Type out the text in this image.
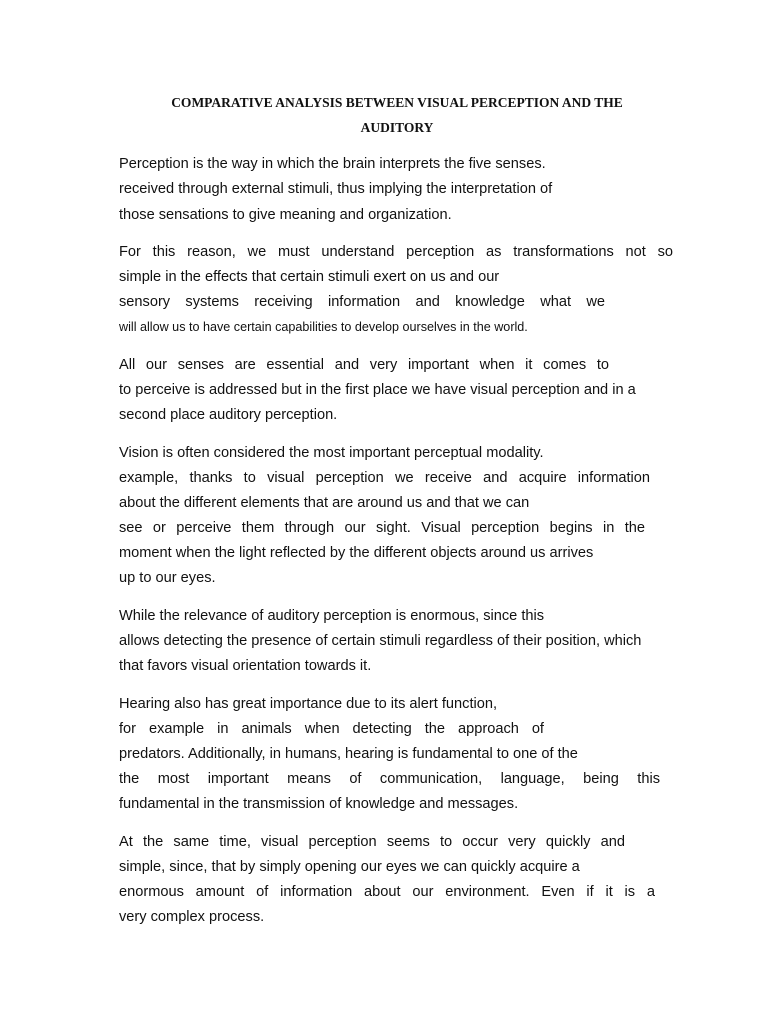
COMPARATIVE ANALYSIS BETWEEN VISUAL PERCEPTION AND THE
AUDITORY

Perception is the way in which the brain interprets the five senses.

received through external stimuli, thus implying the interpretation of

those sensations to give meaning and organization.

For this reason, we must understand perception as transformations not so

simple in the effects that certain stimuli exert on us and our

sensory systems receiving information and knowledge what we

will allow us to have certain capabilities to develop ourselves in the world.

All our senses are essential and very important when it comes to

to perceive is addressed but in the first place we have visual perception and in a

second place auditory perception.

Vision is often considered the most important perceptual modality.

example, thanks to visual perception we receive and acquire information

about the different elements that are around us and that we can

see or perceive them through our sight. Visual perception begins in the

moment when the light reflected by the different objects around us arrives

up to our eyes.

While the relevance of auditory perception is enormous, since this

allows detecting the presence of certain stimuli regardless of their position, which

that favors visual orientation towards it.

Hearing also has great importance due to its alert function,

for example in animals when detecting the approach of

predators. Additionally, in humans, hearing is fundamental to one of the

the most important means of communication, language, being this

fundamental in the transmission of knowledge and messages.

At the same time, visual perception seems to occur very quickly and

simple, since, that by simply opening our eyes we can quickly acquire a

enormous amount of information about our environment. Even if it is a

very complex process.
